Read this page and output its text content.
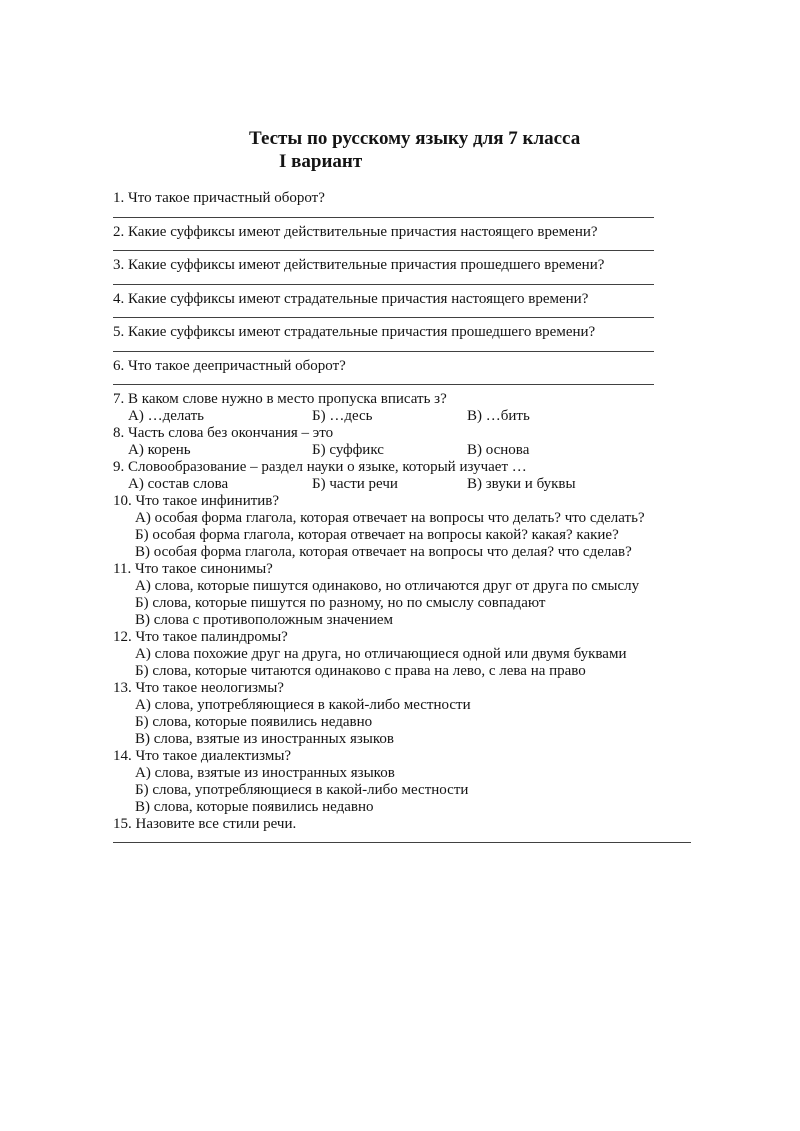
Тесты по русскому языку для 7 класса
I вариант
1. Что такое причастный оборот?
2. Какие суффиксы имеют действительные причастия настоящего времени?
3. Какие суффиксы имеют действительные причастия прошедшего времени?
4. Какие суффиксы имеют страдательные причастия настоящего времени?
5. Какие суффиксы имеют страдательные причастия прошедшего времени?
6. Что такое деепричастный оборот?
7. В каком слове нужно в место пропуска вписать з?
А) …делать	Б) …десь	В) …бить
8. Часть слова без окончания – это
А) корень	Б) суффикс	В) основа
9. Словообразование – раздел науки о языке, который изучает …
А) состав слова	Б) части речи	В) звуки и буквы
10. Что такое инфинитив?
А) особая форма глагола, которая отвечает на вопросы что делать? что сделать?
Б) особая форма глагола, которая отвечает на вопросы какой? какая? какие?
В) особая форма глагола, которая отвечает на вопросы что делая? что сделав?
11. Что такое синонимы?
А) слова, которые пишутся одинаково, но отличаются друг от друга по смыслу
Б) слова, которые пишутся по разному, но по смыслу совпадают
В) слова с противоположным значением
12. Что такое палиндромы?
А) слова похожие друг на друга, но отличающиеся одной или двумя буквами
Б) слова, которые читаются одинаково с права на лево, с лева на право
13. Что такое неологизмы?
А) слова, употребляющиеся в какой-либо местности
Б) слова, которые появились недавно
В) слова, взятые из иностранных языков
14. Что такое диалектизмы?
А) слова, взятые из иностранных языков
Б) слова, употребляющиеся в какой-либо местности
В) слова, которые появились недавно
15. Назовите все стили речи.
